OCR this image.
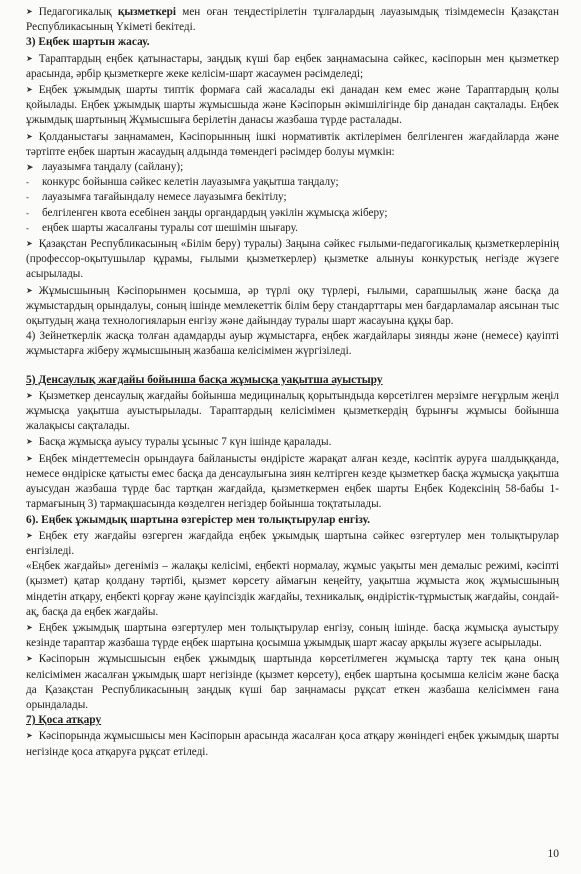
➤ Педагогикалық қызметкері мен оған теңдестірілетін тұлғалардың лауазымдық тізімдемесін Қазақстан Республикасының Үкіметі бекітеді.

3) Еңбек шартын жасау.

➤ Тараптардың еңбек қатынастары, заңдық күші бар еңбек заңнамасына сәйкес, кәсіпорын мен қызметкер арасында, әрбір қызметкерге жеке келісім-шарт жасаумен рәсімделеді;

➤ Еңбек ұжымдық шарты типтік формаға сай жасалады екі данадан кем емес және Тараптардың қолы қойылады. Еңбек ұжымдық шарты жұмысшыда және Кәсіпорын әкімшілігінде бір данадан сақталады. Еңбек ұжымдық шартының Жұмысшыға берілетін данасы жазбаша түрде расталады.

➤ Қолданыстағы заңнамамен, Кәсіпорынның ішкі нормативтік актілерімен белгіленген жағдайларда және тәртіпте еңбек шартын жасаудың алдында төмендегі рәсімдер болуы мүмкін:

➤ лауазымға таңдалу (сайлану);

-	конкурс бойынша сәйкес келетін лауазымға уақытша таңдалу;

-	лауазымға тағайындалу немесе лауазымға бекітілу;

-	белгіленген квота есебінен заңды органдардың уәкілін жұмысқа жіберу;

-	еңбек шарты жасалғаны туралы сот шешімін шығару.

➤ Қазақстан Республикасының «Білім беру) туралы) Заңына сәйкес ғылыми-педагогикалық қызметкерлерінің (профессор-оқытушылар құрамы, ғылыми қызметкерлер) қызметке алынуы конкурстық негізде жүзеге асырылады.

➤ Жұмысшының Кәсіпорынмен қосымша, әр түрлі оқу түрлері, ғылыми, сарапшылық және басқа да жұмыстардың орындалуы, соның ішінде мемлекеттік білім беру стандарттары мен бағдарламалар аясынан тыс оқытудың жаңа технологияларын енгізу және дайындау туралы шарт жасауына құқы бар.

4) Зейнеткерлік жасқа толған адамдарды ауыр жұмыстарға, еңбек жағдайлары зиянды және (немесе) қауіпті жұмыстарға жіберу жұмысшының жазбаша келісімімен жүргізіледі.

5) Денсаулық жағдайы бойынша басқа жұмысқа уақытша ауыстыру

➤ Қызметкер денсаулық жағдайы бойынша медициналық қорытындыда көрсетілген мерзімге неғұрлым жеңіл жұмысқа уақытша ауыстырылады. Тараптардың келісімімен қызметкердің бұрынғы жұмысы бойынша жалақысы сақталады.

➤ Басқа жұмысқа ауысу туралы ұсыныс 7 күн ішінде қаралады.

➤ Еңбек міндеттемесін орындауға байланысты өндірісте жарақат алған кезде, кәсіптік ауруға шалдыққанда, немесе өндіріске қатысты емес басқа да денсаулығына зиян келтірген кезде қызметкер басқа жұмысқа уақытша ауысудан жазбаша түрде бас тартқан жағдайда, қызметкермен еңбек шарты Еңбек Кодексінің 58-бабы 1-тармағының 3) тармақшасында көзделген негіздер бойынша тоқтатылады.

6). Еңбек ұжымдық шартына өзгерістер мен толықтырулар енгізу.

➤ Еңбек ету жағдайы өзгерген жағдайда еңбек ұжымдық шартына сәйкес өзгертулер мен толықтырулар енгізіледі.

«Еңбек жағдайы» дегеніміз – жалақы келісімі, еңбекті нормалау, жұмыс уақыты мен демалыс режимі, кәсіпті (қызмет) қатар қолдану тәртібі, қызмет көрсету аймағын кеңейту, уақытша жұмыста жоқ жұмысшының міндетін атқару, еңбекті қорғау және қауіпсіздік жағдайы, техникалық, өндірістік-тұрмыстық жағдайы, сондай-ақ, басқа да еңбек жағдайы.

➤ Еңбек ұжымдық шартына өзгертулер мен толықтырулар енгізу, соның ішінде. басқа жұмысқа ауыстыру кезінде тараптар жазбаша түрде еңбек шартына қосымша ұжымдық шарт жасау арқылы жүзеге асырылады.

➤ Кәсіпорын жұмысшысын еңбек ұжымдық шартында көрсетілмеген жұмысқа тарту тек қана оның келісімімен жасалған ұжымдық шарт негізінде (қызмет көрсету), еңбек шартына қосымша келісім және басқа да Қазақстан Республикасының заңдық күші бар заңнамасы рұқсат еткен жазбаша келісіммен ғана орындалады.

7) Қоса атқару

➤ Кәсіпорында жұмысшысы мен Кәсіпорын арасында жасалған қоса атқару жөніндегі еңбек ұжымдық шарты негізінде қоса атқаруға рұқсат етіледі.

10
